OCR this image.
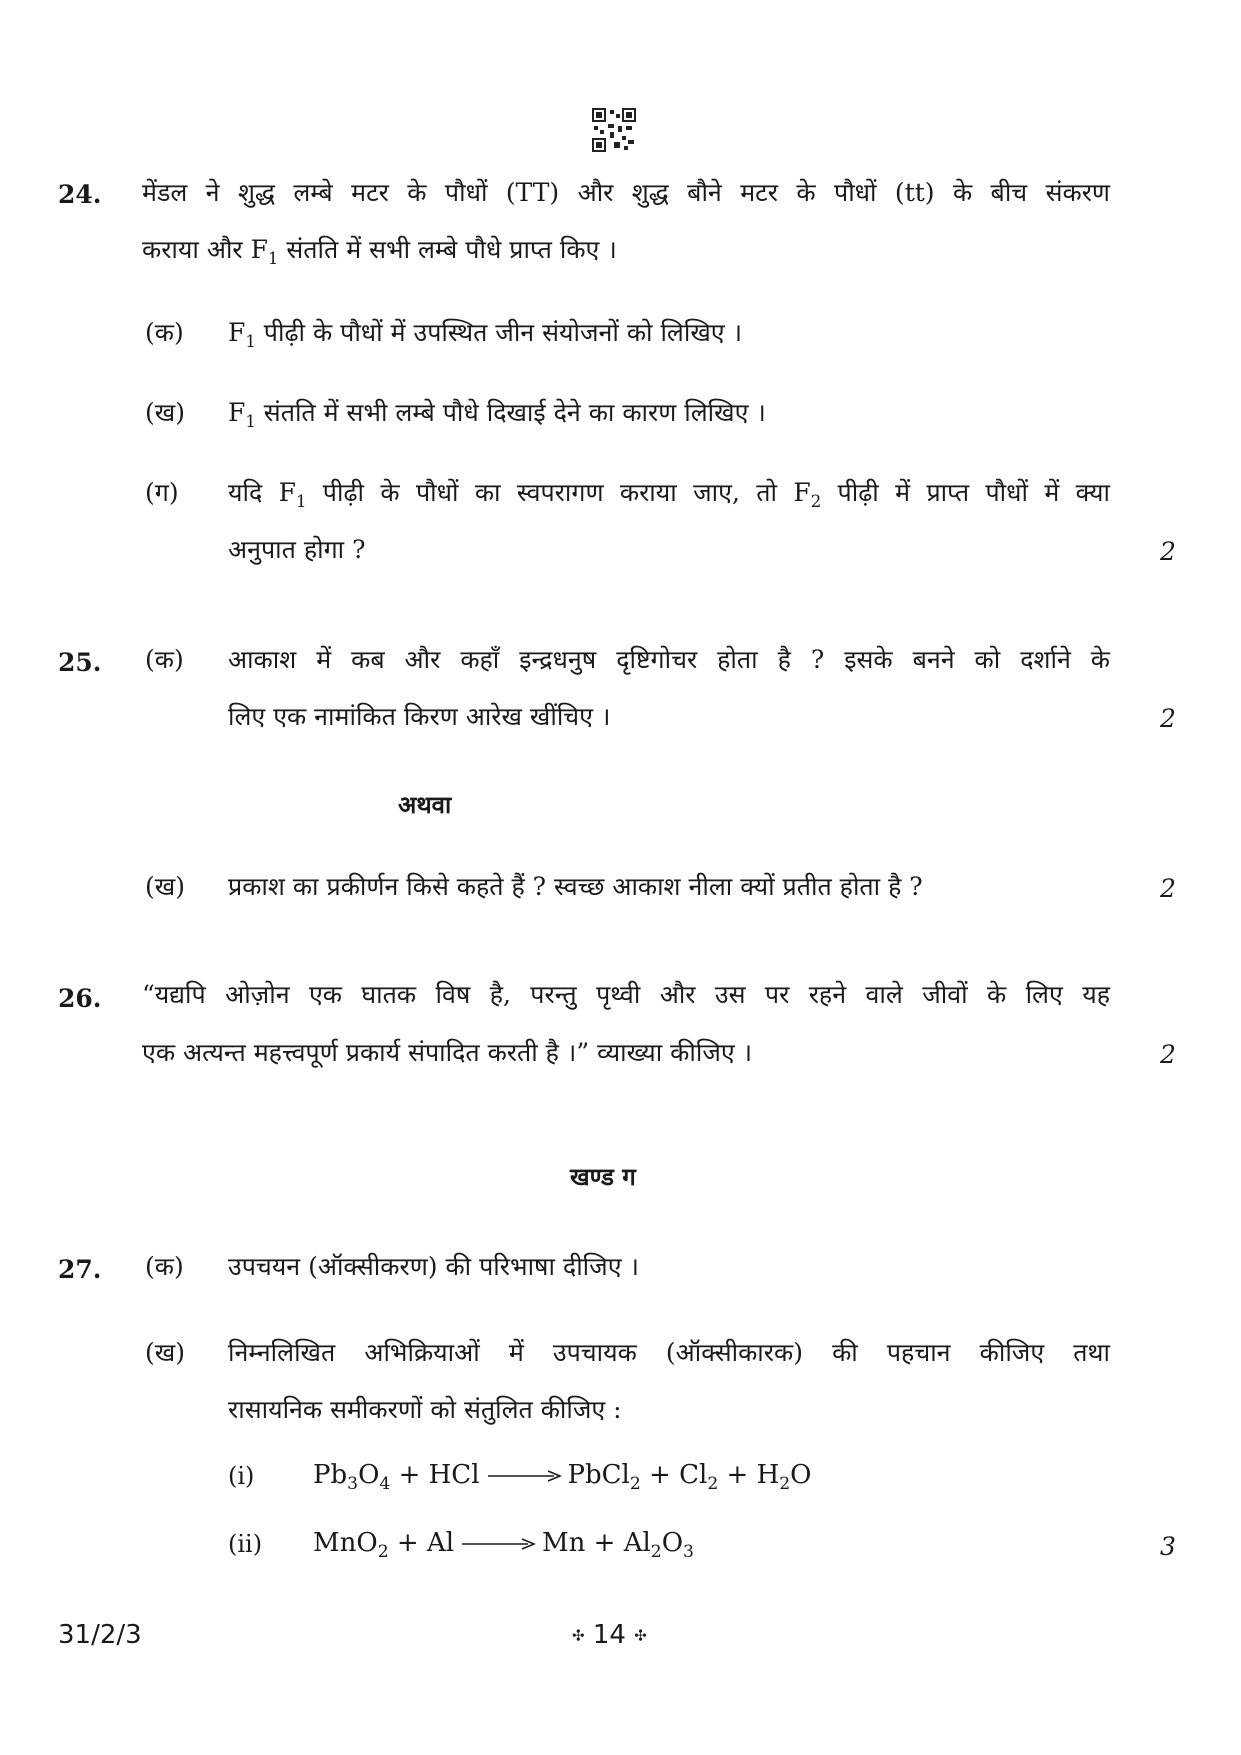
24. मेंडल ने शुद्ध लम्बे मटर के पौधों (TT) और शुद्ध बौने मटर के पौधों (tt) के बीच संकरण
कराया और $F_1$ संतति में सभी लम्बे पौधे प्राप्त किए ।
(क) $F_1$ पीढ़ी के पौधों में उपस्थित जीन संयोजनों को लिखिए ।
(ख) $F_1$ संतति में सभी लम्बे पौधे दिखाई देने का कारण लिखिए ।
(ग) यदि $F_1$ पीढ़ी के पौधों का स्वपरागण कराया जाए, तो $F_2$ पीढ़ी में प्राप्त पौधों में क्या
अनुपात होगा ?	2
25. (क) आकाश में कब और कहाँ इन्द्रधनुष दृष्टिगोचर होता है ? इसके बनने को दर्शाने के
लिए एक नामांकित किरण आरेख खींचिए ।	2
अथवा
(ख) प्रकाश का प्रकीर्णन किसे कहते हैं ? स्वच्छ आकाश नीला क्यों प्रतीत होता है ?	2
26. “यद्यपि ओज़ोन एक घातक विष है, परन्तु पृथ्वी और उस पर रहने वाले जीवों के लिए यह
एक अत्यन्त महत्त्वपूर्ण प्रकार्य संपादित करती है ।” व्याख्या कीजिए ।	2
खण्ड ग
27. (क) उपचयन (ऑक्सीकरण) की परिभाषा दीजिए ।
(ख) निम्नलिखित अभिक्रियाओं में उपचायक (ऑक्सीकारक) की पहचान कीजिए तथा
रासायनिक समीकरणों को संतुलित कीजिए :
(i) $Pb_3O_4$ + HCl → PbCl$_2$ + $Cl_2 + H_2O$
(ii) $MnO_2 + Al \to Mn + Al_2O_3$	3
31/2/3	✣ 14 ✣
